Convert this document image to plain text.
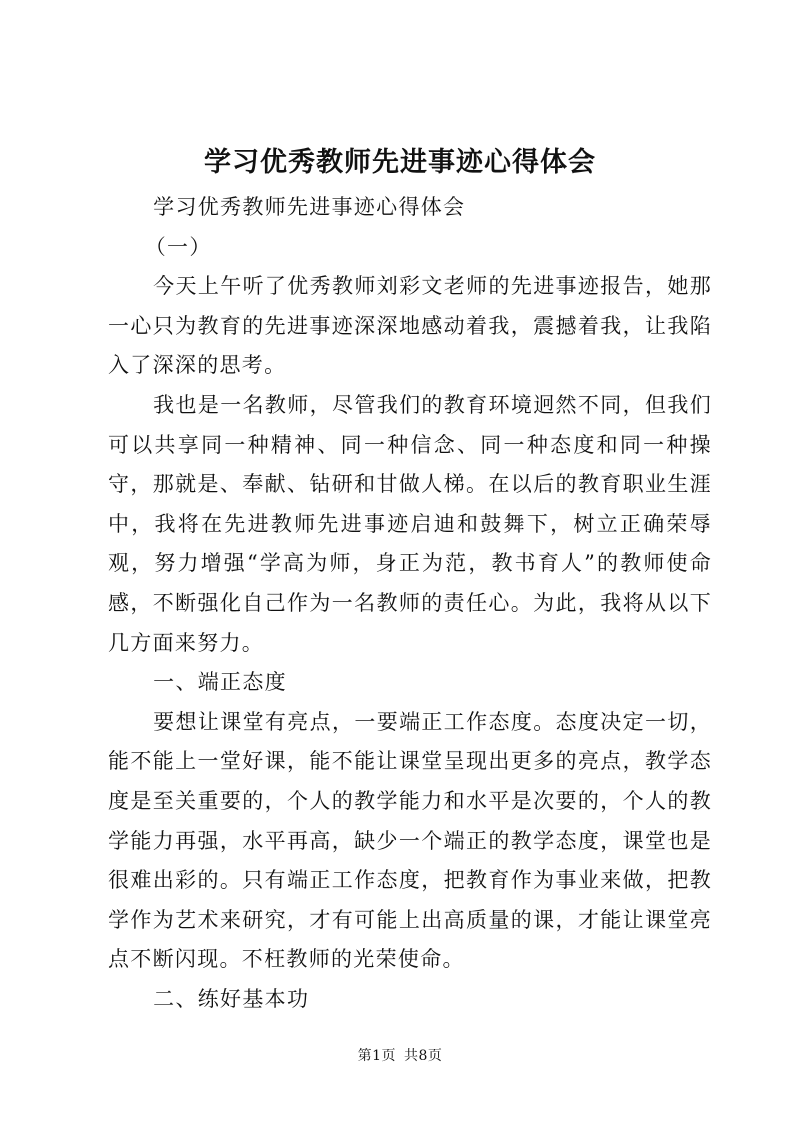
学习优秀教师先进事迹心得体会

学习优秀教师先进事迹心得体会

（一）

今天上午听了优秀教师刘彩文老师的先进事迹报告，她那一心只为教育的先进事迹深深地感动着我，震撼着我，让我陷入了深深的思考。

我也是一名教师，尽管我们的教育环境迥然不同，但我们可以共享同一种精神、同一种信念、同一种态度和同一种操守，那就是、奉献、钻研和甘做人梯。在以后的教育职业生涯中，我将在先进教师先进事迹启迪和鼓舞下，树立正确荣辱观，努力增强“学高为师，身正为范，教书育人”的教师使命感，不断强化自己作为一名教师的责任心。为此，我将从以下几方面来努力。

一、端正态度

要想让课堂有亮点，一要端正工作态度。态度决定一切，能不能上一堂好课，能不能让课堂呈现出更多的亮点，教学态度是至关重要的，个人的教学能力和水平是次要的，个人的教学能力再强，水平再高，缺少一个端正的教学态度，课堂也是很难出彩的。只有端正工作态度，把教育作为事业来做，把教学作为艺术来研究，才有可能上出高质量的课，才能让课堂亮点不断闪现。不枉教师的光荣使命。

二、练好基本功

第1页 共8页
